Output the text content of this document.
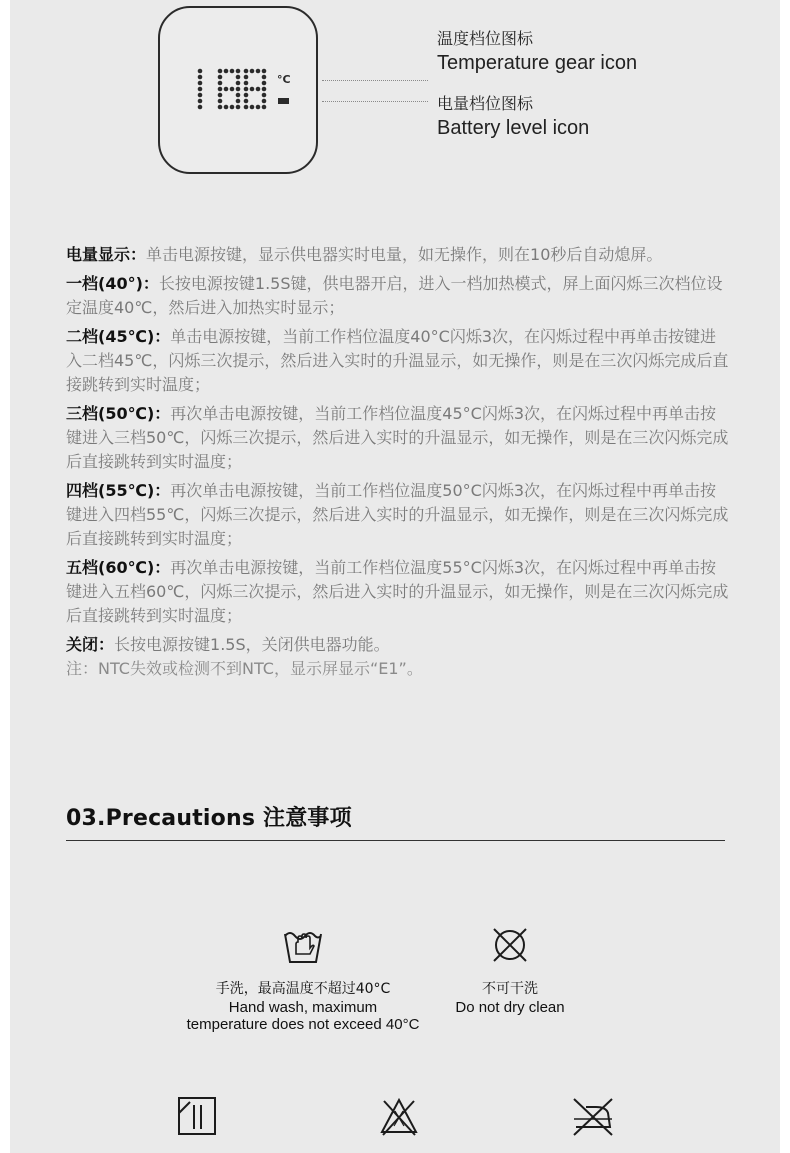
°C
温度档位图标
Temperature gear icon
电量档位图标
Battery level icon

电量显示：单击电源按键，显示供电器实时电量，如无操作，则在10秒后自动熄屏。

一档(40°)：长按电源按键1.5S键，供电器开启，进入一档加热模式，屏上面闪烁三次档位设定温度40℃，然后进入加热实时显示；

二档(45℃)：单击电源按键，当前工作档位温度40°C闪烁3次，在闪烁过程中再单击按键进入二档45℃，闪烁三次提示，然后进入实时的升温显示，如无操作，则是在三次闪烁完成后直接跳转到实时温度；

三档(50℃)：再次单击电源按键，当前工作档位温度45°C闪烁3次，在闪烁过程中再单击按键进入三档50℃，闪烁三次提示，然后进入实时的升温显示，如无操作，则是在三次闪烁完成后直接跳转到实时温度；

四档(55℃)：再次单击电源按键，当前工作档位温度50°C闪烁3次，在闪烁过程中再单击按键进入四档55℃，闪烁三次提示，然后进入实时的升温显示，如无操作，则是在三次闪烁完成后直接跳转到实时温度；

五档(60℃)：再次单击电源按键，当前工作档位温度55°C闪烁3次，在闪烁过程中再单击按键进入五档60℃，闪烁三次提示，然后进入实时的升温显示，如无操作，则是在三次闪烁完成后直接跳转到实时温度；

关闭：长按电源按键1.5S，关闭供电器功能。

注：NTC失效或检测不到NTC，显示屏显示“E1”。

03.Precautions 注意事项
手洗，最高温度不超过40°C
Hand wash, maximum
temperature does not exceed 40°C
不可干洗
Do not dry clean
